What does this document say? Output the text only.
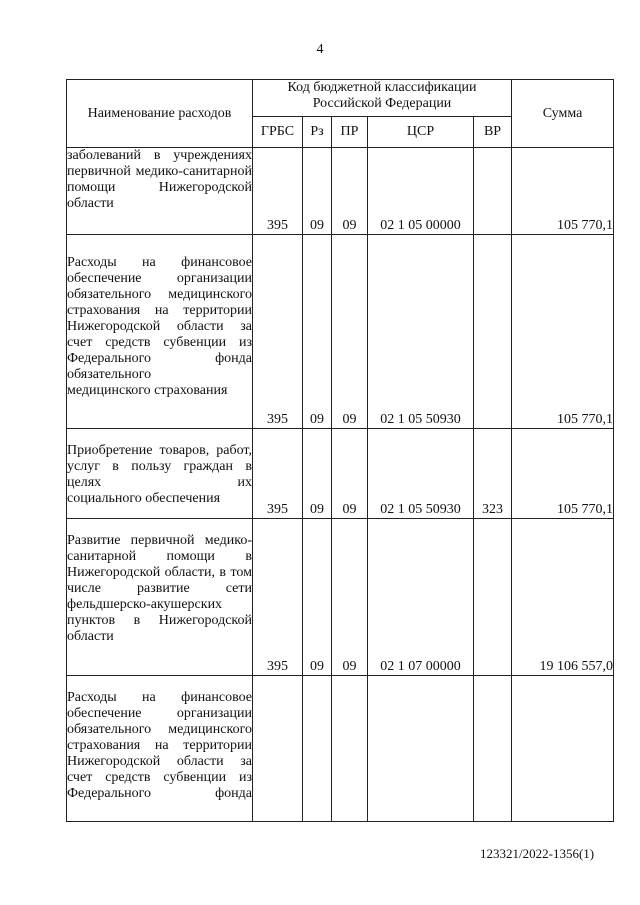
4
Наименование расходов	Код бюджетной классификации Российской Федерации					Сумма
	ГРБС	Рз	ПР	ЦСР	ВР	
заболеваний в учреждениях первичной медико-санитарной помощи Нижегородской
области	395	09	09	02 1 05 00000		105 770,1
Расходы на финансовое обеспечение организации обязательного медицинского страхования на территории Нижегородской области за счет средств субвенции из Федерального фонда обязательного
медицинского страхования	395	09	09	02 1 05 50930		105 770,1
Приобретение товаров, работ, услуг в пользу граждан в целях их
социального обеспечения	395	09	09	02 1 05 50930	323	105 770,1
Развитие первичной медико-санитарной помощи в Нижегородской области, в том числе развитие сети фельдшерско-акушерских пунктов в Нижегородской
области	395	09	09	02 1 07 00000		19 106 557,0
Расходы на финансовое обеспечение организации обязательного медицинского страхования на территории Нижегородской области за счет средств субвенции из Федерального фонда

123321/2022-1356(1)
